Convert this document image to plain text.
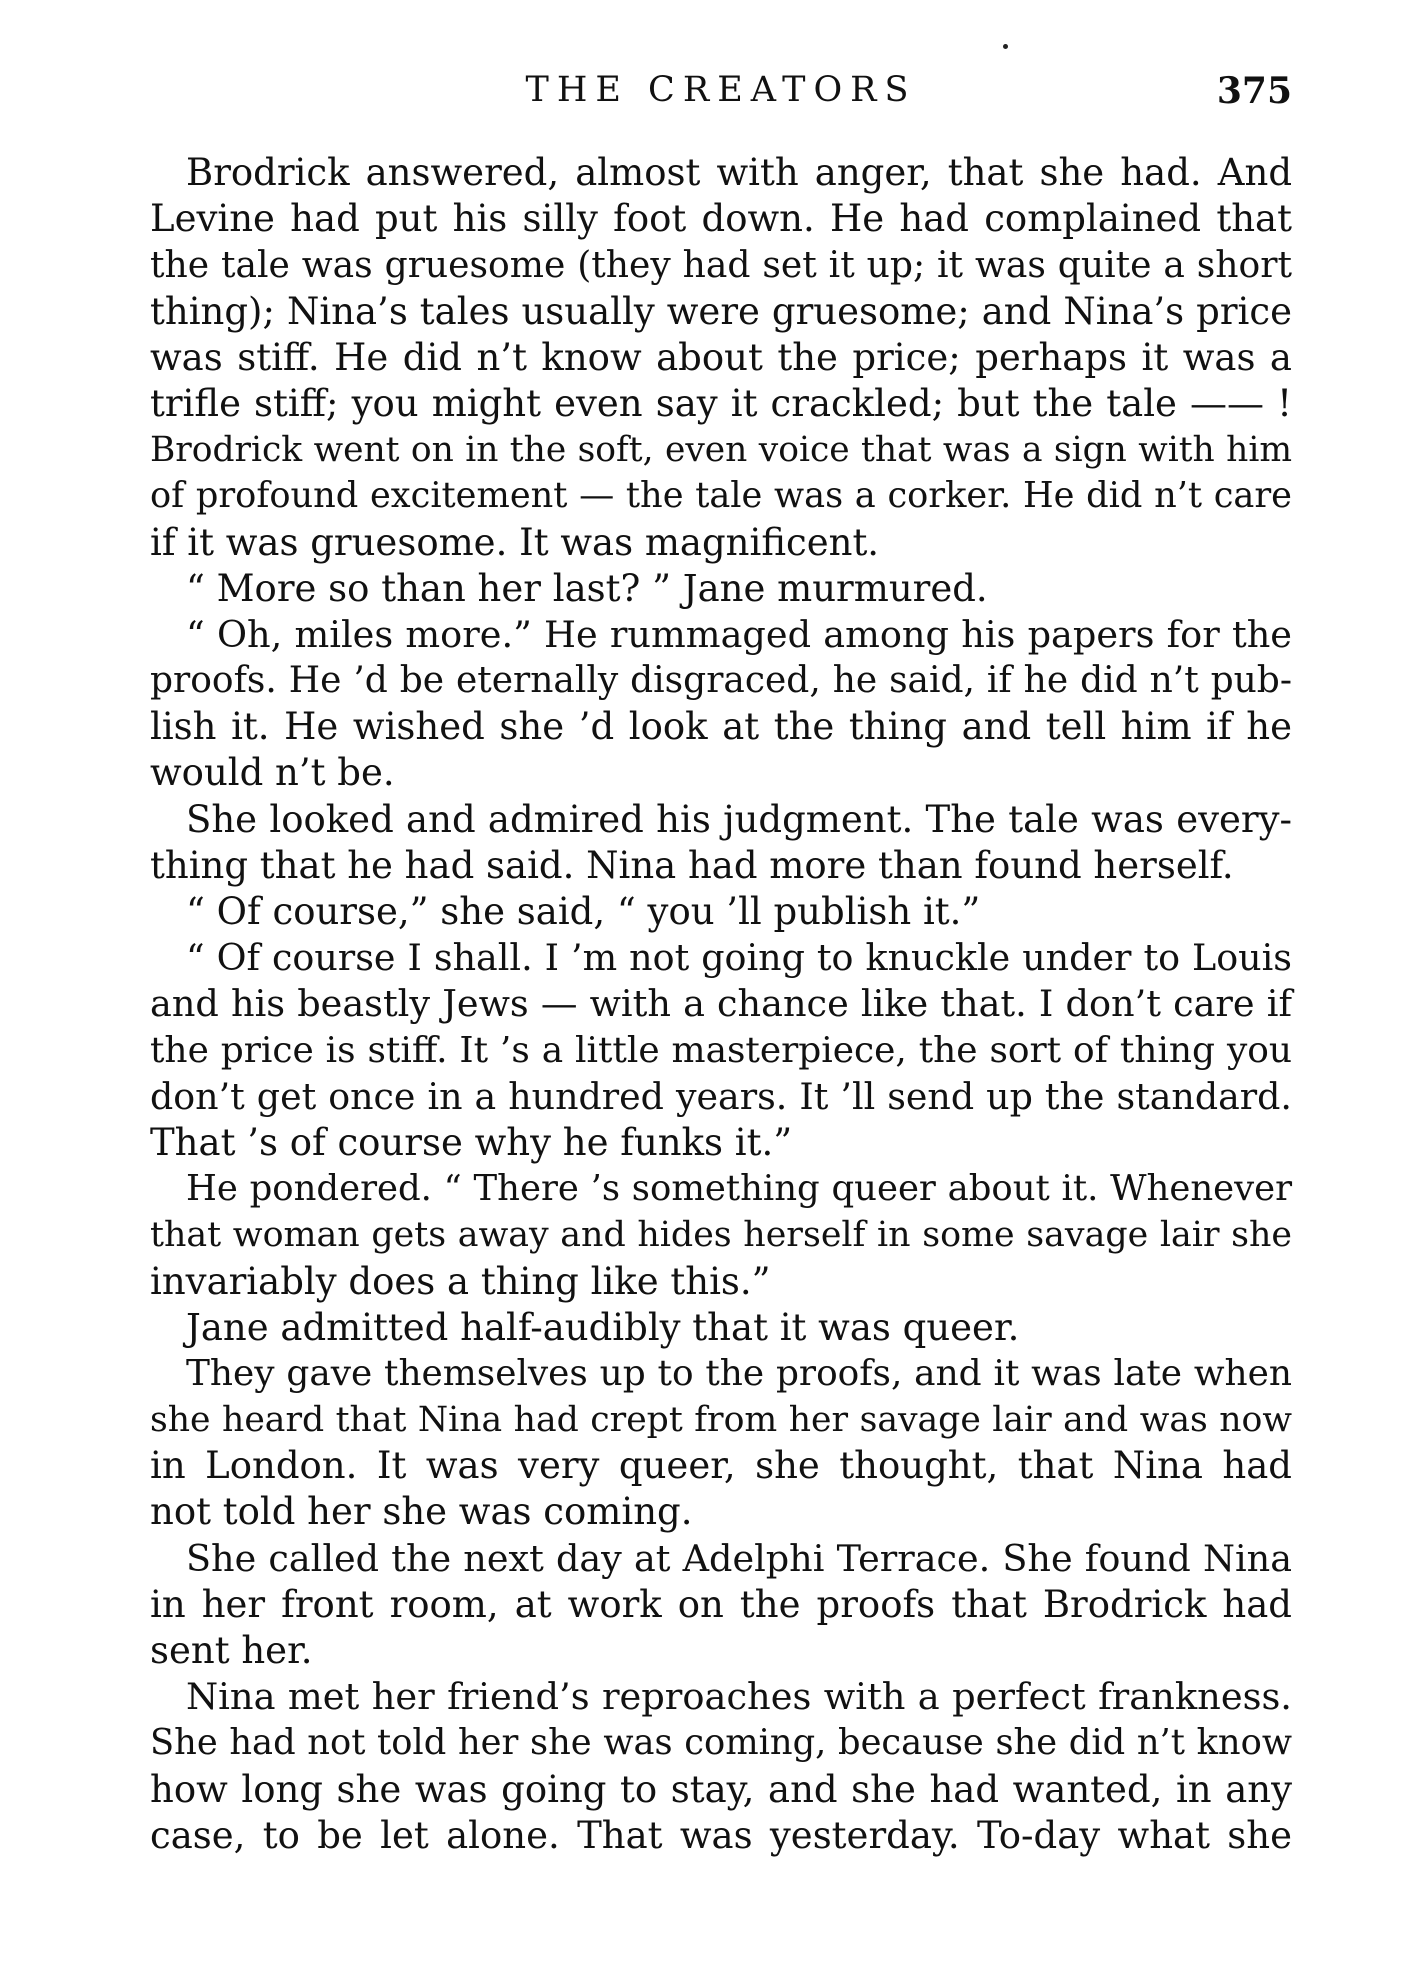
THE CREATORS	375
Brodrick answered, almost with anger, that she had. And
Levine had put his silly foot down. He had complained that
the tale was gruesome (they had set it up; it was quite a short
thing); Nina’s tales usually were gruesome; and Nina’s price
was stiff. He did n’t know about the price; perhaps it was a
trifle stiff; you might even say it crackled; but the tale —— !
Brodrick went on in the soft, even voice that was a sign with him
of profound excitement — the tale was a corker. He did n’t care
if it was gruesome. It was magnificent.
“ More so than her last? ” Jane murmured.
“ Oh, miles more.” He rummaged among his papers for the
proofs. He ’d be eternally disgraced, he said, if he did n’t pub-
lish it. He wished she ’d look at the thing and tell him if he
would n’t be.
She looked and admired his judgment. The tale was every-
thing that he had said. Nina had more than found herself.
“ Of course,” she said, “ you ’ll publish it.”
“ Of course I shall. I ’m not going to knuckle under to Louis
and his beastly Jews — with a chance like that. I don’t care if
the price is stiff. It ’s a little masterpiece, the sort of thing you
don’t get once in a hundred years. It ’ll send up the standard.
That ’s of course why he funks it.”
He pondered. “ There ’s something queer about it. Whenever
that woman gets away and hides herself in some savage lair she
invariably does a thing like this.”
Jane admitted half-audibly that it was queer.
They gave themselves up to the proofs, and it was late when
she heard that Nina had crept from her savage lair and was now
in London. It was very queer, she thought, that Nina had
not told her she was coming.
She called the next day at Adelphi Terrace. She found Nina
in her front room, at work on the proofs that Brodrick had
sent her.
Nina met her friend’s reproaches with a perfect frankness.
She had not told her she was coming, because she did n’t know
how long she was going to stay, and she had wanted, in any
case, to be let alone. That was yesterday. To-day what she
